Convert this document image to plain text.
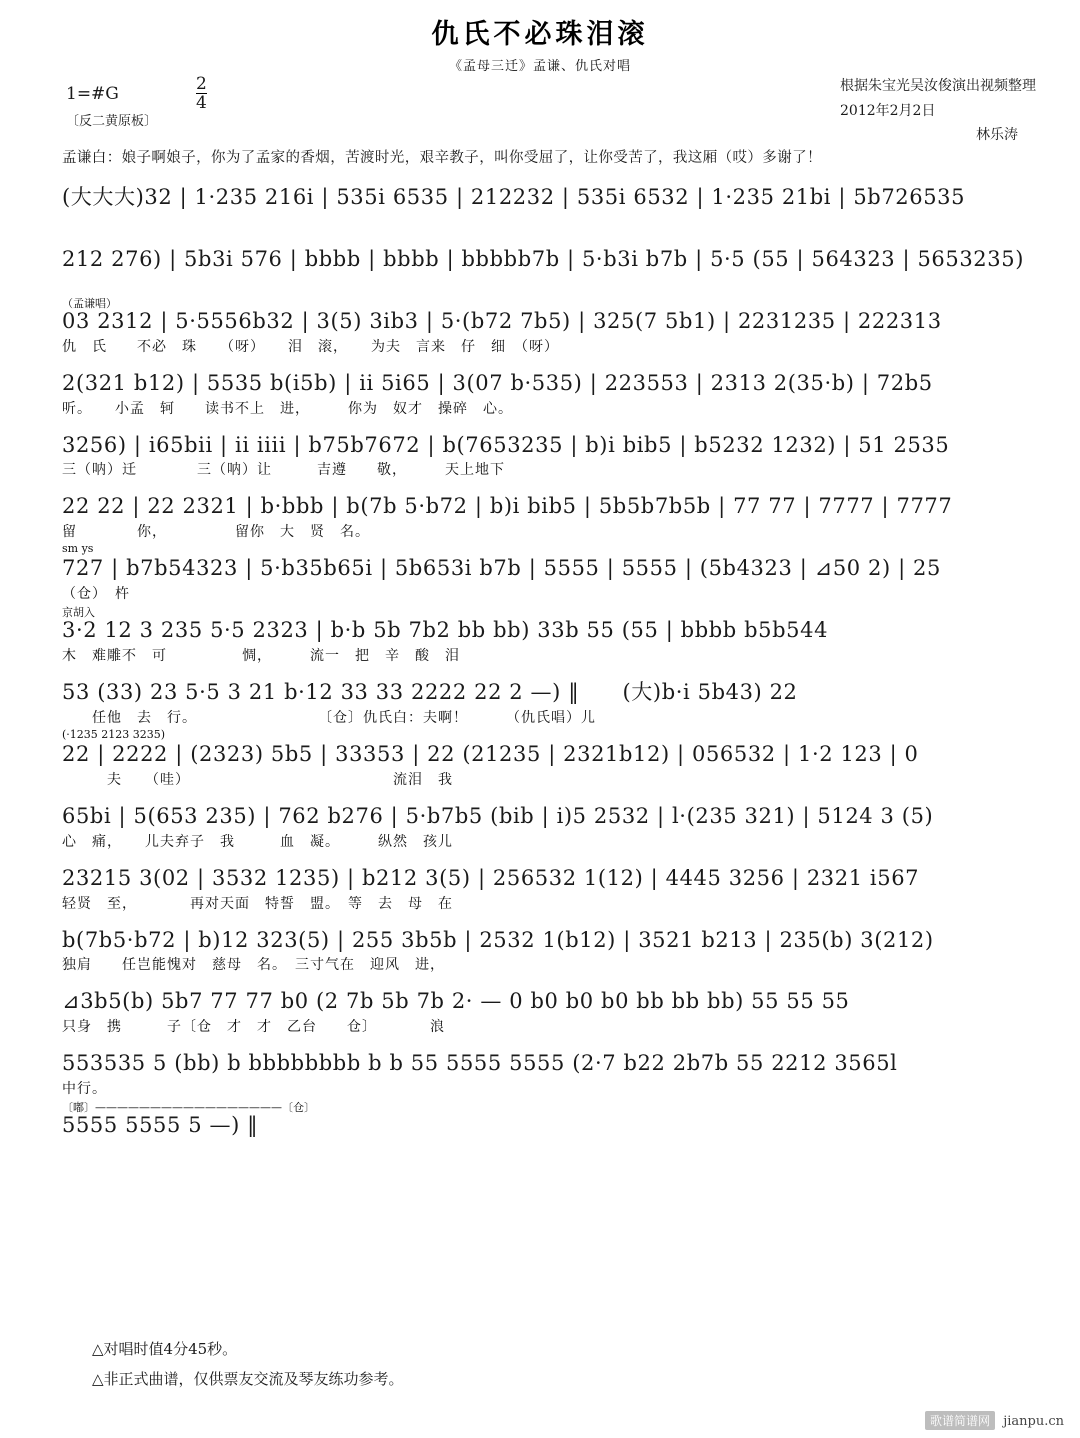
仇氏不必珠泪滚
《孟母三迁》孟谦、仇氏对唱
1=#G
〔反二黄原板〕
$\frac{2}{4}$	根据朱宝光吴汝俊演出视频整理
2012年2月2日
林乐涛
孟谦白：娘子啊娘子，你为了孟家的香烟，苦渡时光，艰辛教子，叫你受屈了，让你受苦了，我这厢（哎）多谢了！
(大大大)32 | 1·235 216i | 535i 6535 | 212232 | 535i 6532 | 1·235 21bi | 5b726535
212 276) | 5b3i 576 | bbbb | bbbb | bbbbb7b | 5·b3i b7b | 5·5 (55 | 564323 | 5653235)
（孟谦唱）
03 2312 | 5·5556b32 | 3(5) 3ib3 | 5·(b72 7b5) | 325(7 5b1) | 2231235 | 222313
仇　氏　　不必　珠　　（呀）　　泪　滚，　　为夫　言来　仔　细　（呀）
2(321 b12) | 5535 b(i5b) | ii 5i65 | 3(07 b·535) | 223553 | 2313 2(35·b) | 72b5
听。　　小孟　轲　　读书不上　进，　　　你为　奴才　操碎　心。
3256) | i65bii | ii iiii | b75b7672 | b(7653235 | b)i bib5 | b5232 1232) | 51 2535
三（呐）迁　　　　三（呐）让　　　吉遵　　敬，　　　天上地下
22 22 | 22 2321 | b·bbb | b(7b 5·b72 | b)i bib5 | 5b5b7b5b | 77 77 | 7777 | 7777
留　　　　你，　　　　　留你　大　贤　名。
sm ys
727 | b7b54323 | 5·b35b65i | 5b653i b7b | 5555 | 5555 | (5b4323 | ⊿50 2) | 25
（仓）　杵
京胡入
3·2 12 3 235 5·5 2323 | b·b 5b 7b2 bb bb) 33b 55 (55 | bbbb b5b544
木　难雕不　可　　　　　惆，　　　流一　把　辛　酸　泪
53 (33) 23 5·5 3 21 b·12 33 33 2222 22 2 —) ‖　　(大)b·i 5b43) 22
　　任他　去　行。　　　　　　　　　〔仓〕仇氏白：夫啊！　　　（仇氏唱）儿
(·1235 2123 3235)
22 | 2222 | (2323) 5b5 | 33353 | 22 (21235 | 2321b12) | 056532 | 1·2 123 | 0
　　　夫　　（哇）　　　　　　　　　　　　　　流泪　我
65bi | 5(653 235) | 762 b276 | 5·b7b5 (bib | i)5 2532 | l·(235 321) | 5124 3 (5)
心　痛，　　儿夫弃子　我　　　血　凝。　　　纵然　孩儿
23215 3(02 | 3532 1235) | b212 3(5) | 256532 1(12) | 4445 3256 | 2321 i567
轻贤　至，　　　　再对天面　特誓　盟。　等　去　母　在
b(7b5·b72 | b)12 323(5) | 255 3b5b | 2532 1(b12) | 3521 b213 | 235(b) 3(212)
独肩　　任岂能愧对　慈母　名。　三寸气在　迎风　进，
⊿3b5(b) 5b7 77 77 b0 (2 7b 5b 7b 2· — 0 b0 b0 b0 bb bb bb) 55 55 55
只身　携　　　子〔仓　才　才　乙台　　仓〕　　　　浪
553535 5 (bb) b bbbbbbbb b b 55 5555 5555 (2·7 b22 2b7b 55 2212 3565l
中行。
〔嘟〕—————————————————〔仓〕
5555 5555 5 —) ‖
△对唱时值4分45秒。
△非正式曲谱，仅供票友交流及琴友练功参考。
歌谱简谱网 jianpu.cn
